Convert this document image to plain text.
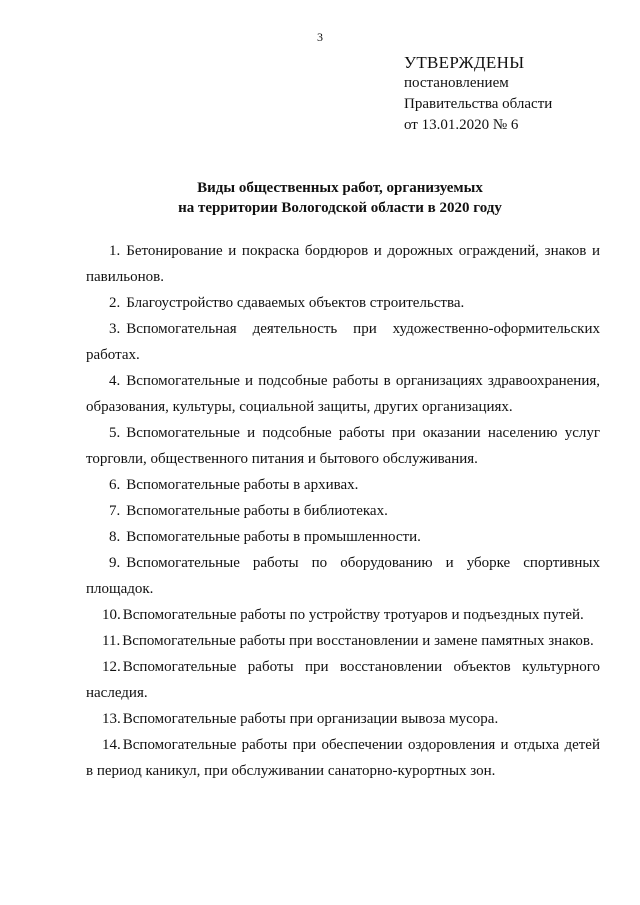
3
УТВЕРЖДЕНЫ
постановлением
Правительства области
от 13.01.2020 № 6
Виды общественных работ, организуемых
на территории Вологодской области в 2020 году
1. Бетонирование и покраска бордюров и дорожных ограждений, знаков и павильонов.
2. Благоустройство сдаваемых объектов строительства.
3. Вспомогательная деятельность при художественно-оформительских работах.
4. Вспомогательные и подсобные работы в организациях здравоохранения, образования, культуры, социальной защиты, других организациях.
5. Вспомогательные и подсобные работы при оказании населению услуг торговли, общественного питания и бытового обслуживания.
6. Вспомогательные работы в архивах.
7. Вспомогательные работы в библиотеках.
8. Вспомогательные работы в промышленности.
9. Вспомогательные работы по оборудованию и уборке спортивных площадок.
10. Вспомогательные работы по устройству тротуаров и подъездных путей.
11. Вспомогательные работы при восстановлении и замене памятных знаков.
12. Вспомогательные работы при восстановлении объектов культурного наследия.
13. Вспомогательные работы при организации вывоза мусора.
14. Вспомогательные работы при обеспечении оздоровления и отдыха детей в период каникул, при обслуживании санаторно-курортных зон.
